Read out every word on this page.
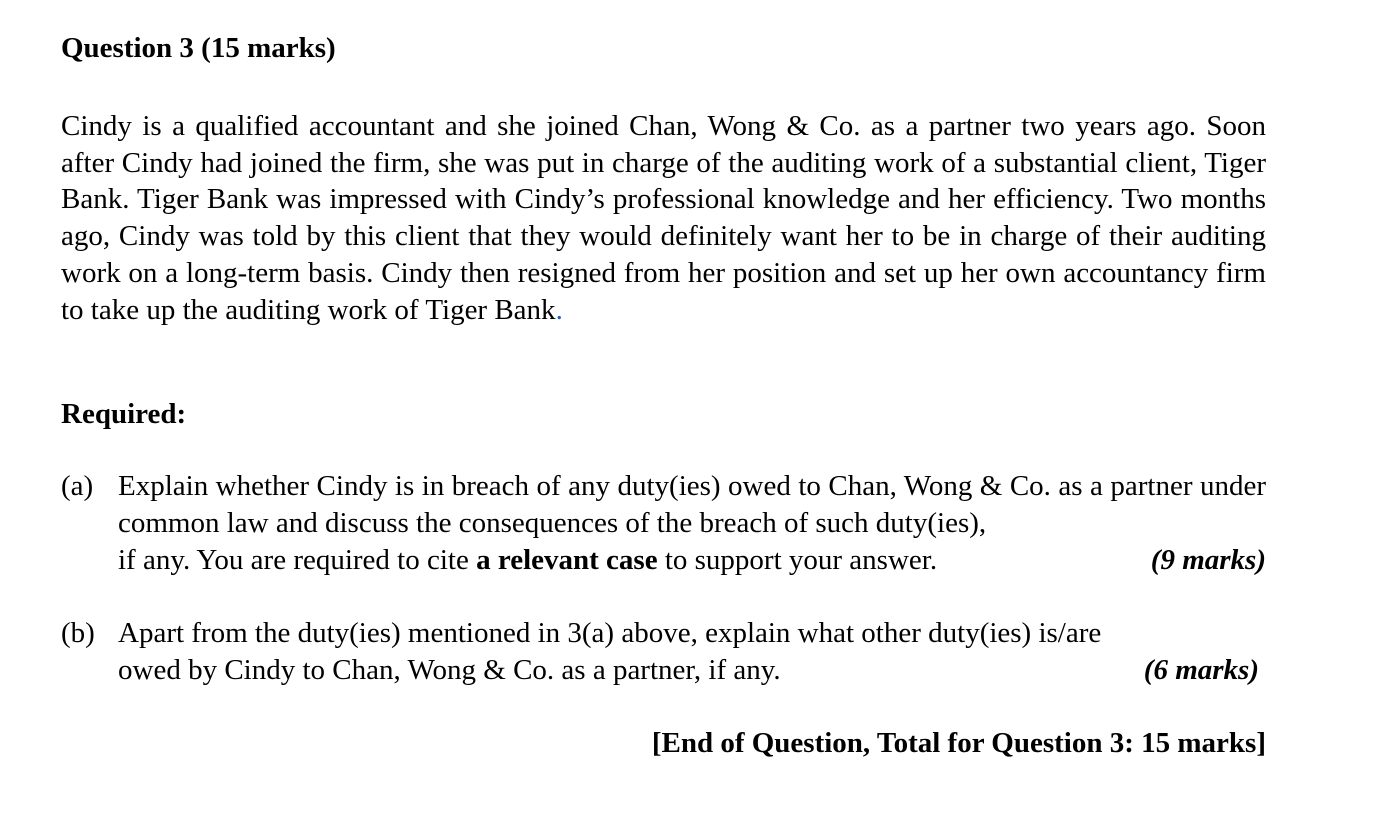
Question 3 (15 marks)

Cindy is a qualified accountant and she joined Chan, Wong & Co. as a partner two years ago. Soon after Cindy had joined the firm, she was put in charge of the auditing work of a substantial client, Tiger Bank. Tiger Bank was impressed with Cindy’s professional knowledge and her efficiency. Two months ago, Cindy was told by this client that they would definitely want her to be in charge of their auditing work on a long-term basis. Cindy then resigned from her position and set up her own accountancy firm to take up the auditing work of Tiger Bank.

Required:
(a) Explain whether Cindy is in breach of any duty(ies) owed to Chan, Wong & Co. as a partner under common law and discuss the consequences of the breach of such duty(ies),
if any. You are required to cite a relevant case to support your answer.	(9 marks)
(b) Apart from the duty(ies) mentioned in 3(a) above, explain what other duty(ies) is/are
owed by Cindy to Chan, Wong & Co. as a partner, if any.	(6 marks)
[End of Question, Total for Question 3: 15 marks]
